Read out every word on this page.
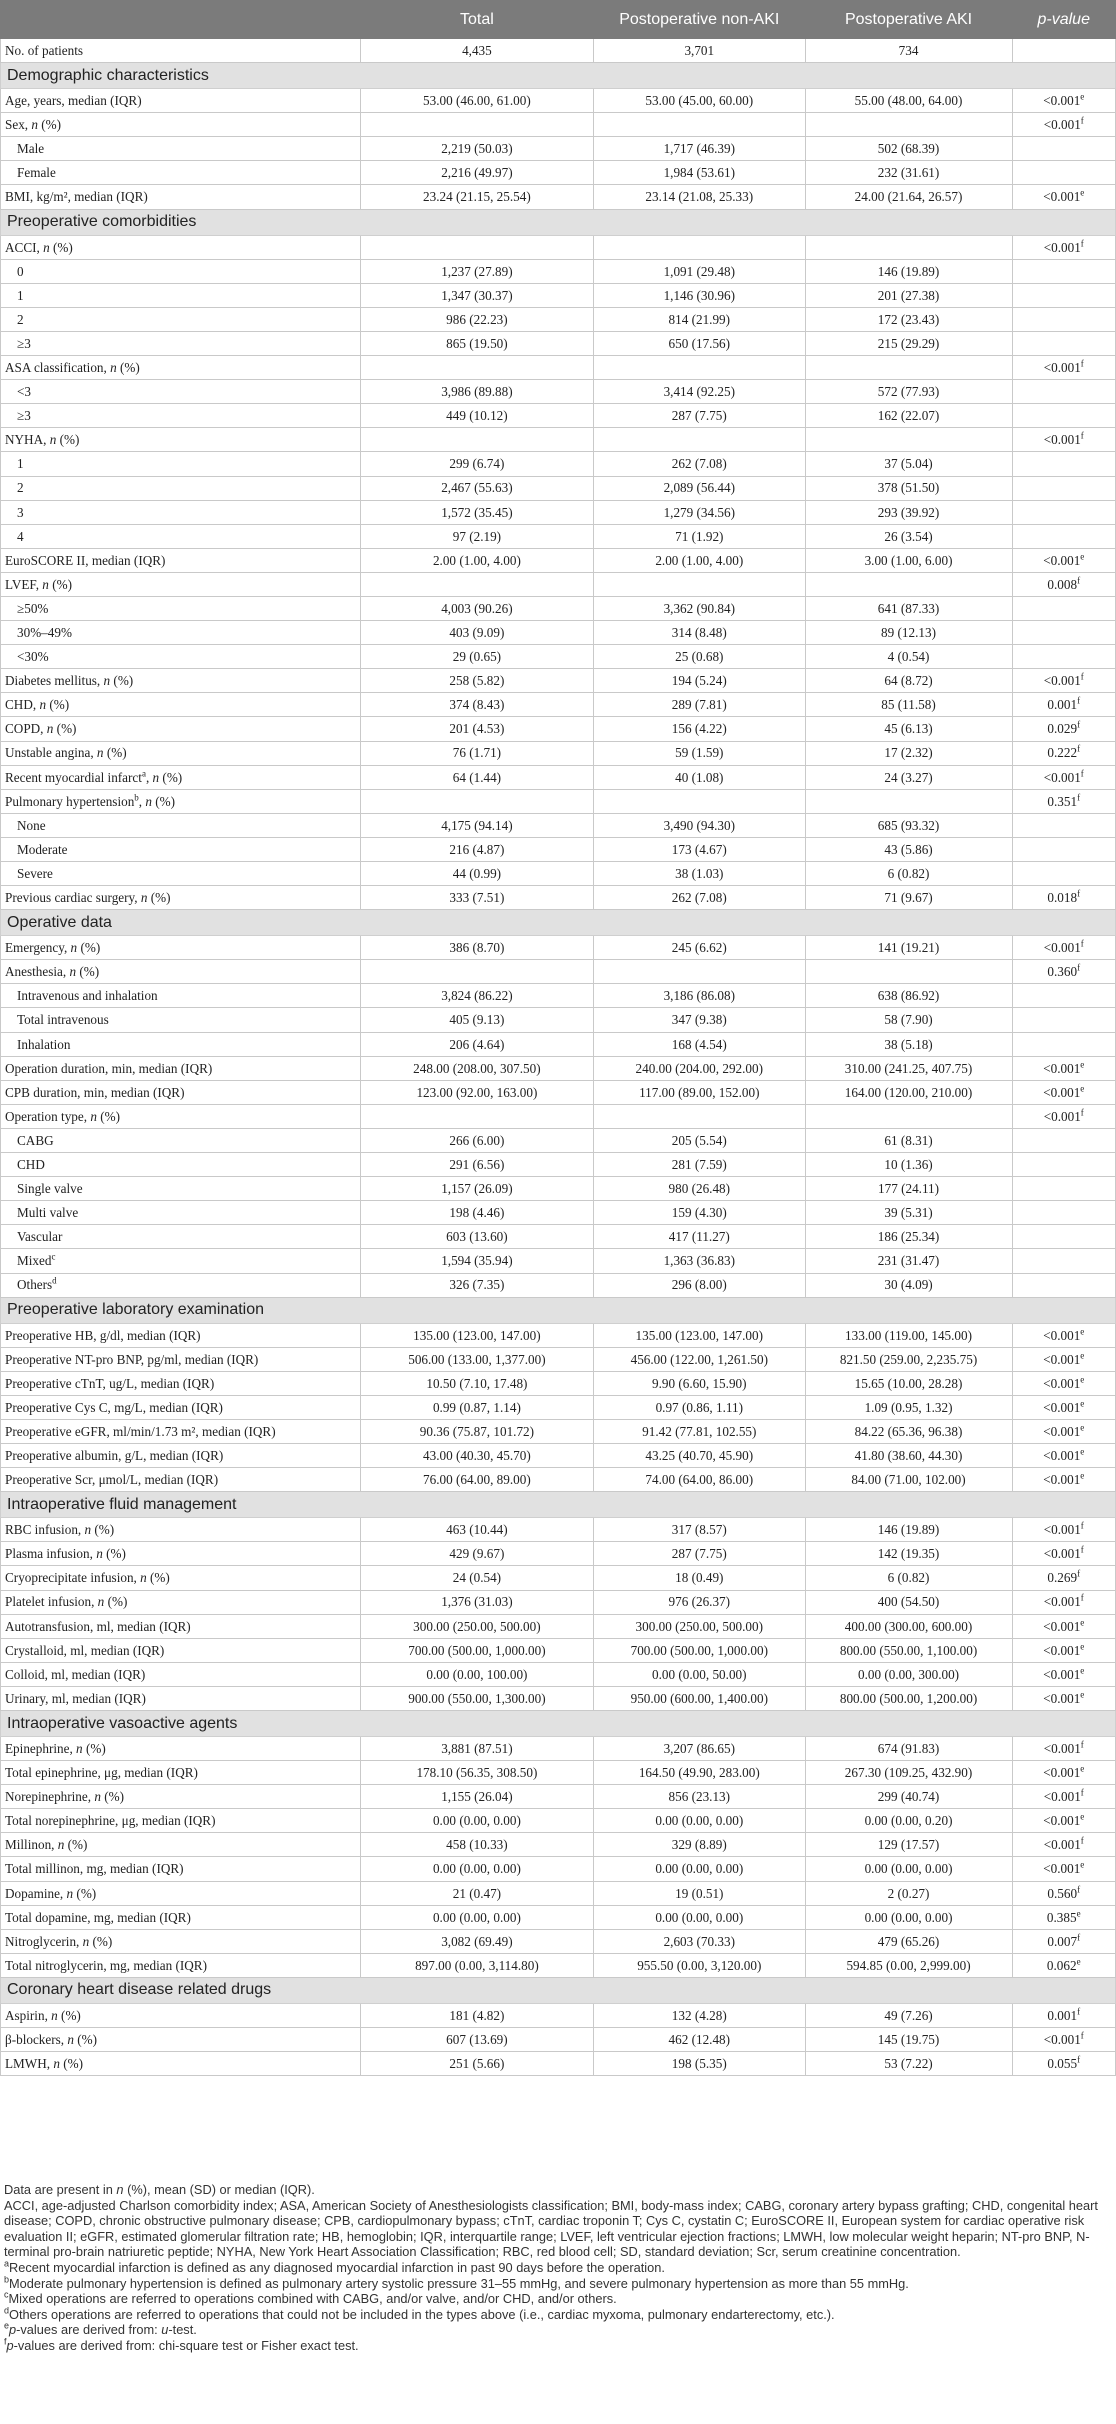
	Total	Postoperative non-AKI	Postoperative AKI	p-value
No. of patients	4,435	3,701	734	
Demographic characteristics				
Age, years, median (IQR)	53.00 (46.00, 61.00)	53.00 (45.00, 60.00)	55.00 (48.00, 64.00)	<0.001$^e$
Sex, n (%)				<0.001$^f$
Male	2,219 (50.03)	1,717 (46.39)	502 (68.39)	
Female	2,216 (49.97)	1,984 (53.61)	232 (31.61)	
BMI, kg/m², median (IQR)	23.24 (21.15, 25.54)	23.14 (21.08, 25.33)	24.00 (21.64, 26.57)	<0.001$^e$
Preoperative comorbidities				
ACCI, n (%)				<0.001$^f$
0	1,237 (27.89)	1,091 (29.48)	146 (19.89)	
1	1,347 (30.37)	1,146 (30.96)	201 (27.38)	
2	986 (22.23)	814 (21.99)	172 (23.43)	
≥3	865 (19.50)	650 (17.56)	215 (29.29)	
ASA classification, n (%)				<0.001$^f$
<3	3,986 (89.88)	3,414 (92.25)	572 (77.93)	
≥3	449 (10.12)	287 (7.75)	162 (22.07)	
NYHA, n (%)				<0.001$^f$
1	299 (6.74)	262 (7.08)	37 (5.04)	
2	2,467 (55.63)	2,089 (56.44)	378 (51.50)	
3	1,572 (35.45)	1,279 (34.56)	293 (39.92)	
4	97 (2.19)	71 (1.92)	26 (3.54)	
EuroSCORE II, median (IQR)	2.00 (1.00, 4.00)	2.00 (1.00, 4.00)	3.00 (1.00, 6.00)	<0.001$^e$
LVEF, n (%)				0.008$^f$
≥50%	4,003 (90.26)	3,362 (90.84)	641 (87.33)	
30%–49%	403 (9.09)	314 (8.48)	89 (12.13)	
<30%	29 (0.65)	25 (0.68)	4 (0.54)	
Diabetes mellitus, n (%)	258 (5.82)	194 (5.24)	64 (8.72)	<0.001$^f$
CHD, n (%)	374 (8.43)	289 (7.81)	85 (11.58)	0.001$^f$
COPD, n (%)	201 (4.53)	156 (4.22)	45 (6.13)	0.029$^f$
Unstable angina, n (%)	76 (1.71)	59 (1.59)	17 (2.32)	0.222$^f$
Recent myocardial infarct$^a$, n (%)	64 (1.44)	40 (1.08)	24 (3.27)	<0.001$^f$
Pulmonary hypertension$^b$, n (%)				0.351$^f$
None	4,175 (94.14)	3,490 (94.30)	685 (93.32)	
Moderate	216 (4.87)	173 (4.67)	43 (5.86)	
Severe	44 (0.99)	38 (1.03)	6 (0.82)	
Previous cardiac surgery, n (%)	333 (7.51)	262 (7.08)	71 (9.67)	0.018$^f$
Operative data				
Emergency, n (%)	386 (8.70)	245 (6.62)	141 (19.21)	<0.001$^f$
Anesthesia, n (%)				0.360$^f$
Intravenous and inhalation	3,824 (86.22)	3,186 (86.08)	638 (86.92)	
Total intravenous	405 (9.13)	347 (9.38)	58 (7.90)	
Inhalation	206 (4.64)	168 (4.54)	38 (5.18)	
Operation duration, min, median (IQR)	248.00 (208.00, 307.50)	240.00 (204.00, 292.00)	310.00 (241.25, 407.75)	<0.001$^e$
CPB duration, min, median (IQR)	123.00 (92.00, 163.00)	117.00 (89.00, 152.00)	164.00 (120.00, 210.00)	<0.001$^e$
Operation type, n (%)				<0.001$^f$
CABG	266 (6.00)	205 (5.54)	61 (8.31)	
CHD	291 (6.56)	281 (7.59)	10 (1.36)	
Single valve	1,157 (26.09)	980 (26.48)	177 (24.11)	
Multi valve	198 (4.46)	159 (4.30)	39 (5.31)	
Vascular	603 (13.60)	417 (11.27)	186 (25.34)	
Mixed$^c$	1,594 (35.94)	1,363 (36.83)	231 (31.47)	
Others$^d$	326 (7.35)	296 (8.00)	30 (4.09)	
Preoperative laboratory examination				
Preoperative HB, g/dl, median (IQR)	135.00 (123.00, 147.00)	135.00 (123.00, 147.00)	133.00 (119.00, 145.00)	<0.001$^e$
Preoperative NT-pro BNP, pg/ml, median (IQR)	506.00 (133.00, 1,377.00)	456.00 (122.00, 1,261.50)	821.50 (259.00, 2,235.75)	<0.001$^e$
Preoperative cTnT, ug/L, median (IQR)	10.50 (7.10, 17.48)	9.90 (6.60, 15.90)	15.65 (10.00, 28.28)	<0.001$^e$
Preoperative Cys C, mg/L, median (IQR)	0.99 (0.87, 1.14)	0.97 (0.86, 1.11)	1.09 (0.95, 1.32)	<0.001$^e$
Preoperative eGFR, ml/min/1.73 m², median (IQR)	90.36 (75.87, 101.72)	91.42 (77.81, 102.55)	84.22 (65.36, 96.38)	<0.001$^e$
Preoperative albumin, g/L, median (IQR)	43.00 (40.30, 45.70)	43.25 (40.70, 45.90)	41.80 (38.60, 44.30)	<0.001$^e$
Preoperative Scr, μmol/L, median (IQR)	76.00 (64.00, 89.00)	74.00 (64.00, 86.00)	84.00 (71.00, 102.00)	<0.001$^e$
Intraoperative fluid management				
RBC infusion, n (%)	463 (10.44)	317 (8.57)	146 (19.89)	<0.001$^f$
Plasma infusion, n (%)	429 (9.67)	287 (7.75)	142 (19.35)	<0.001$^f$
Cryoprecipitate infusion, n (%)	24 (0.54)	18 (0.49)	6 (0.82)	0.269$^f$
Platelet infusion, n (%)	1,376 (31.03)	976 (26.37)	400 (54.50)	<0.001$^f$
Autotransfusion, ml, median (IQR)	300.00 (250.00, 500.00)	300.00 (250.00, 500.00)	400.00 (300.00, 600.00)	<0.001$^e$
Crystalloid, ml, median (IQR)	700.00 (500.00, 1,000.00)	700.00 (500.00, 1,000.00)	800.00 (550.00, 1,100.00)	<0.001$^e$
Colloid, ml, median (IQR)	0.00 (0.00, 100.00)	0.00 (0.00, 50.00)	0.00 (0.00, 300.00)	<0.001$^e$
Urinary, ml, median (IQR)	900.00 (550.00, 1,300.00)	950.00 (600.00, 1,400.00)	800.00 (500.00, 1,200.00)	<0.001$^e$
Intraoperative vasoactive agents				
Epinephrine, n (%)	3,881 (87.51)	3,207 (86.65)	674 (91.83)	<0.001$^f$
Total epinephrine, μg, median (IQR)	178.10 (56.35, 308.50)	164.50 (49.90, 283.00)	267.30 (109.25, 432.90)	<0.001$^e$
Norepinephrine, n (%)	1,155 (26.04)	856 (23.13)	299 (40.74)	<0.001$^f$
Total norepinephrine, μg, median (IQR)	0.00 (0.00, 0.00)	0.00 (0.00, 0.00)	0.00 (0.00, 0.20)	<0.001$^e$
Millinon, n (%)	458 (10.33)	329 (8.89)	129 (17.57)	<0.001$^f$
Total millinon, mg, median (IQR)	0.00 (0.00, 0.00)	0.00 (0.00, 0.00)	0.00 (0.00, 0.00)	<0.001$^e$
Dopamine, n (%)	21 (0.47)	19 (0.51)	2 (0.27)	0.560$^f$
Total dopamine, mg, median (IQR)	0.00 (0.00, 0.00)	0.00 (0.00, 0.00)	0.00 (0.00, 0.00)	0.385e
Nitroglycerin, n (%)	3,082 (69.49)	2,603 (70.33)	479 (65.26)	0.007$^f$
Total nitroglycerin, mg, median (IQR)	897.00 (0.00, 3,114.80)	955.50 (0.00, 3,120.00)	594.85 (0.00, 2,999.00)	0.062e
Coronary heart disease related drugs				
Aspirin, n (%)	181 (4.82)	132 (4.28)	49 (7.26)	0.001$^f$
β-blockers, n (%)	607 (13.69)	462 (12.48)	145 (19.75)	<0.001$^f$
LMWH, n (%)	251 (5.66)	198 (5.35)	53 (7.22)	0.055$^f$
Data are present in n (%), mean (SD) or median (IQR).
ACCI, age-adjusted Charlson comorbidity index; ASA, American Society of Anesthesiologists classification; BMI, body-mass index; CABG, coronary artery bypass grafting; CHD, congenital heart disease; COPD, chronic obstructive pulmonary disease; CPB, cardiopulmonary bypass; cTnT, cardiac troponin T; Cys C, cystatin C; EuroSCORE II, European system for cardiac operative risk evaluation II; eGFR, estimated glomerular filtration rate; HB, hemoglobin; IQR, interquartile range; LVEF, left ventricular ejection fractions; LMWH, low molecular weight heparin; NT-pro BNP, N-terminal pro-brain natriuretic peptide; NYHA, New York Heart Association Classification; RBC, red blood cell; SD, standard deviation; Scr, serum creatinine concentration.
$^a$Recent myocardial infarction is defined as any diagnosed myocardial infarction in past 90 days before the operation.
$^b$Moderate pulmonary hypertension is defined as pulmonary artery systolic pressure 31–55 mmHg, and severe pulmonary hypertension as more than 55 mmHg.
$^c$Mixed operations are referred to operations combined with CABG, and/or valve, and/or CHD, and/or others.
$^d$Others operations are referred to operations that could not be included in the types above (i.e., cardiac myxoma, pulmonary endarterectomy, etc.).
$^e$p-values are derived from: u-test.
$^f$p-values are derived from: chi-square test or Fisher exact test.
